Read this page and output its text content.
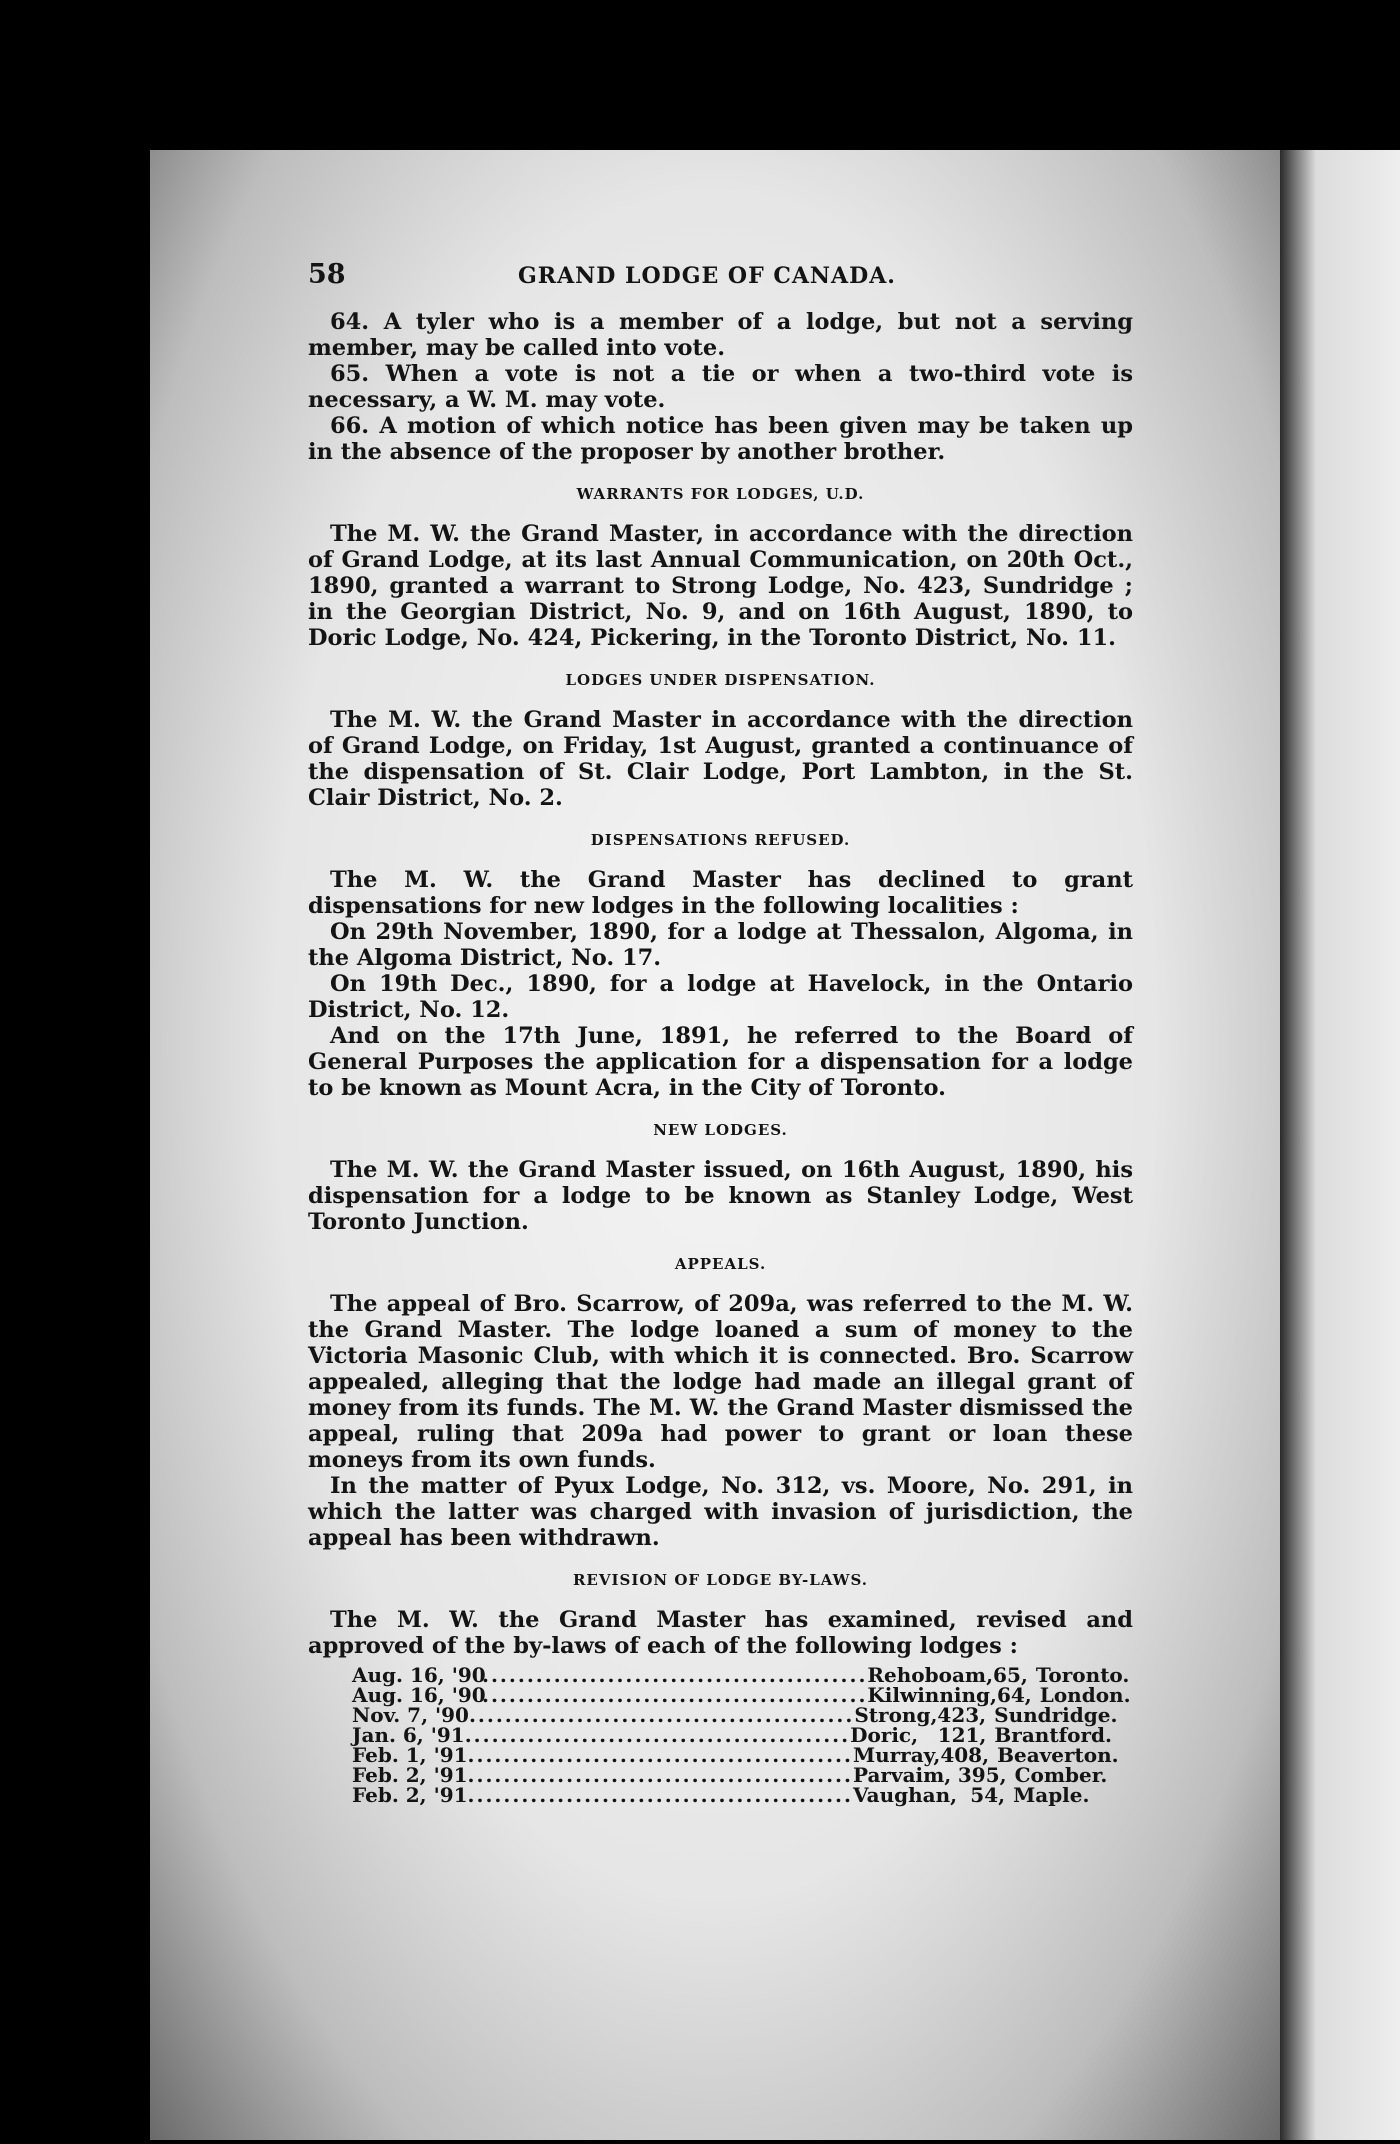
58	GRAND LODGE OF CANADA.

64. A tyler who is a member of a lodge, but not a serving member, may be called into vote.

65. When a vote is not a tie or when a two-third vote is necessary, a W. M. may vote.

66. A motion of which notice has been given may be taken up in the absence of the proposer by another brother.

WARRANTS FOR LODGES, U.D.

The M. W. the Grand Master, in accordance with the direction of Grand Lodge, at its last Annual Communication, on 20th Oct., 1890, granted a warrant to Strong Lodge, No. 423, Sundridge ; in the Georgian District, No. 9, and on 16th August, 1890, to Doric Lodge, No. 424, Pickering, in the Toronto District, No. 11.

LODGES UNDER DISPENSATION.

The M. W. the Grand Master in accordance with the direction of Grand Lodge, on Friday, 1st August, granted a continuance of the dispensation of St. Clair Lodge, Port Lambton, in the St. Clair District, No. 2.

DISPENSATIONS REFUSED.

The M. W. the Grand Master has declined to grant dispensations for new lodges in the following localities :

On 29th November, 1890, for a lodge at Thessalon, Algoma, in the Algoma District, No. 17.

On 19th Dec., 1890, for a lodge at Havelock, in the Ontario District, No. 12.

And on the 17th June, 1891, he referred to the Board of General Purposes the application for a dispensation for a lodge to be known as Mount Acra, in the City of Toronto.

NEW LODGES.

The M. W. the Grand Master issued, on 16th August, 1890, his dispensation for a lodge to be known as Stanley Lodge, West Toronto Junction.

APPEALS.

The appeal of Bro. Scarrow, of 209a, was referred to the M. W. the Grand Master. The lodge loaned a sum of money to the Victoria Masonic Club, with which it is connected. Bro. Scarrow appealed, alleging that the lodge had made an illegal grant of money from its funds. The M. W. the Grand Master dismissed the appeal, ruling that 209a had power to grant or loan these moneys from its own funds.

In the matter of Pyux Lodge, No. 312, vs. Moore, No. 291, in which the latter was charged with invasion of jurisdiction, the appeal has been withdrawn.

REVISION OF LODGE BY-LAWS.

The M. W. the Grand Master has examined, revised and approved of the by-laws of each of the following lodges :

Aug. 16, '90
........................................... Rehoboam, 65, Toronto.
Aug. 16, '90
........................................... Kilwinning, 64, London.
Nov. 7, '90 ........................................... Strong, 423, Sundridge.
Jan. 6, '91 ........................................... Doric, 121, Brantford.
Feb. 1, '91 ........................................... Murray, 408, Beaverton.
Feb. 2, '91 ........................................... Parvaim, 395, Comber.
Feb. 2, '91 ........................................... Vaughan, 54, Maple.
